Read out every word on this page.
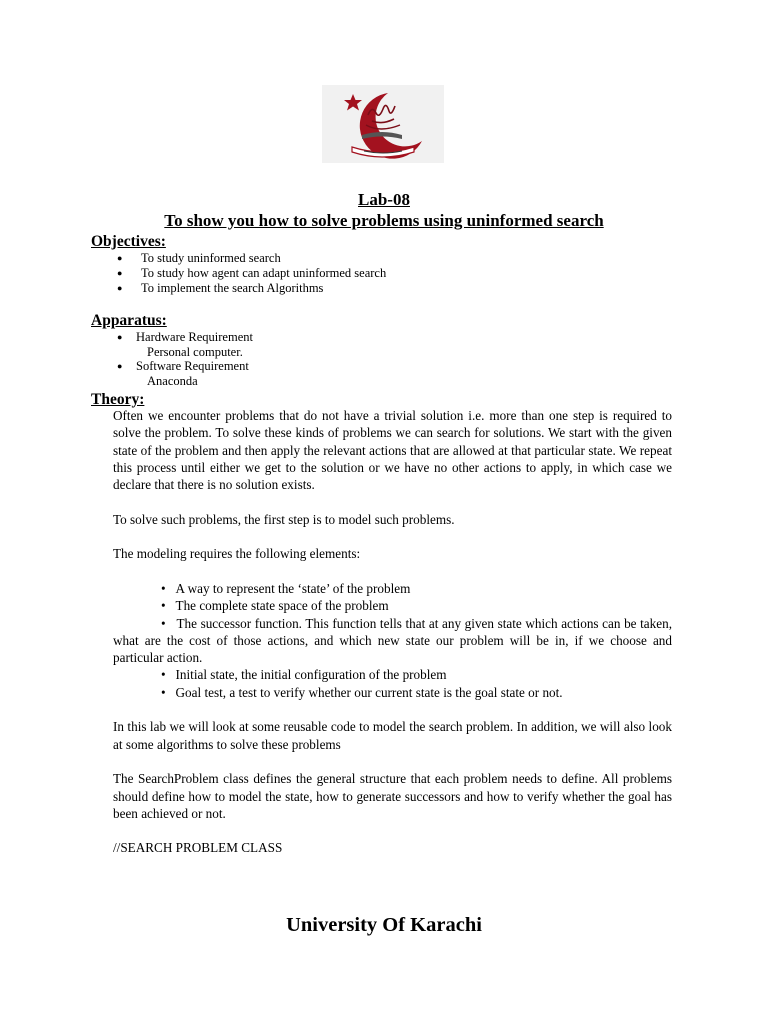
Lab-08
To show you how to solve problems using uninformed search
Objectives:
● To study uninformed search
● To study how agent can adapt uninformed search
● To implement the search Algorithms
Apparatus:
● Hardware Requirement
Personal computer.
● Software Requirement
Anaconda
Theory:

Often we encounter problems that do not have a trivial solution i.e. more than one step is required to solve the problem. To solve these kinds of problems we can search for solutions. We start with the given state of the problem and then apply the relevant actions that are allowed at that particular state. We repeat this process until either we get to the solution or we have no other actions to apply, in which case we declare that there is no solution exists.

To solve such problems, the first step is to model such problems.

The modeling requires the following elements:

• A way to represent the ‘state’ of the problem
• The complete state space of the problem
• The successor function. This function tells that at any given state which actions can be taken, what are the cost of those actions, and which new state our problem will be in, if we choose and particular action.
• Initial state, the initial configuration of the problem
• Goal test, a test to verify whether our current state is the goal state or not.

In this lab we will look at some reusable code to model the search problem. In addition, we will also look at some algorithms to solve these problems

The SearchProblem class defines the general structure that each problem needs to define. All problems should define how to model the state, how to generate successors and how to verify whether the goal has been achieved or not.

//SEARCH PROBLEM CLASS

University Of Karachi
